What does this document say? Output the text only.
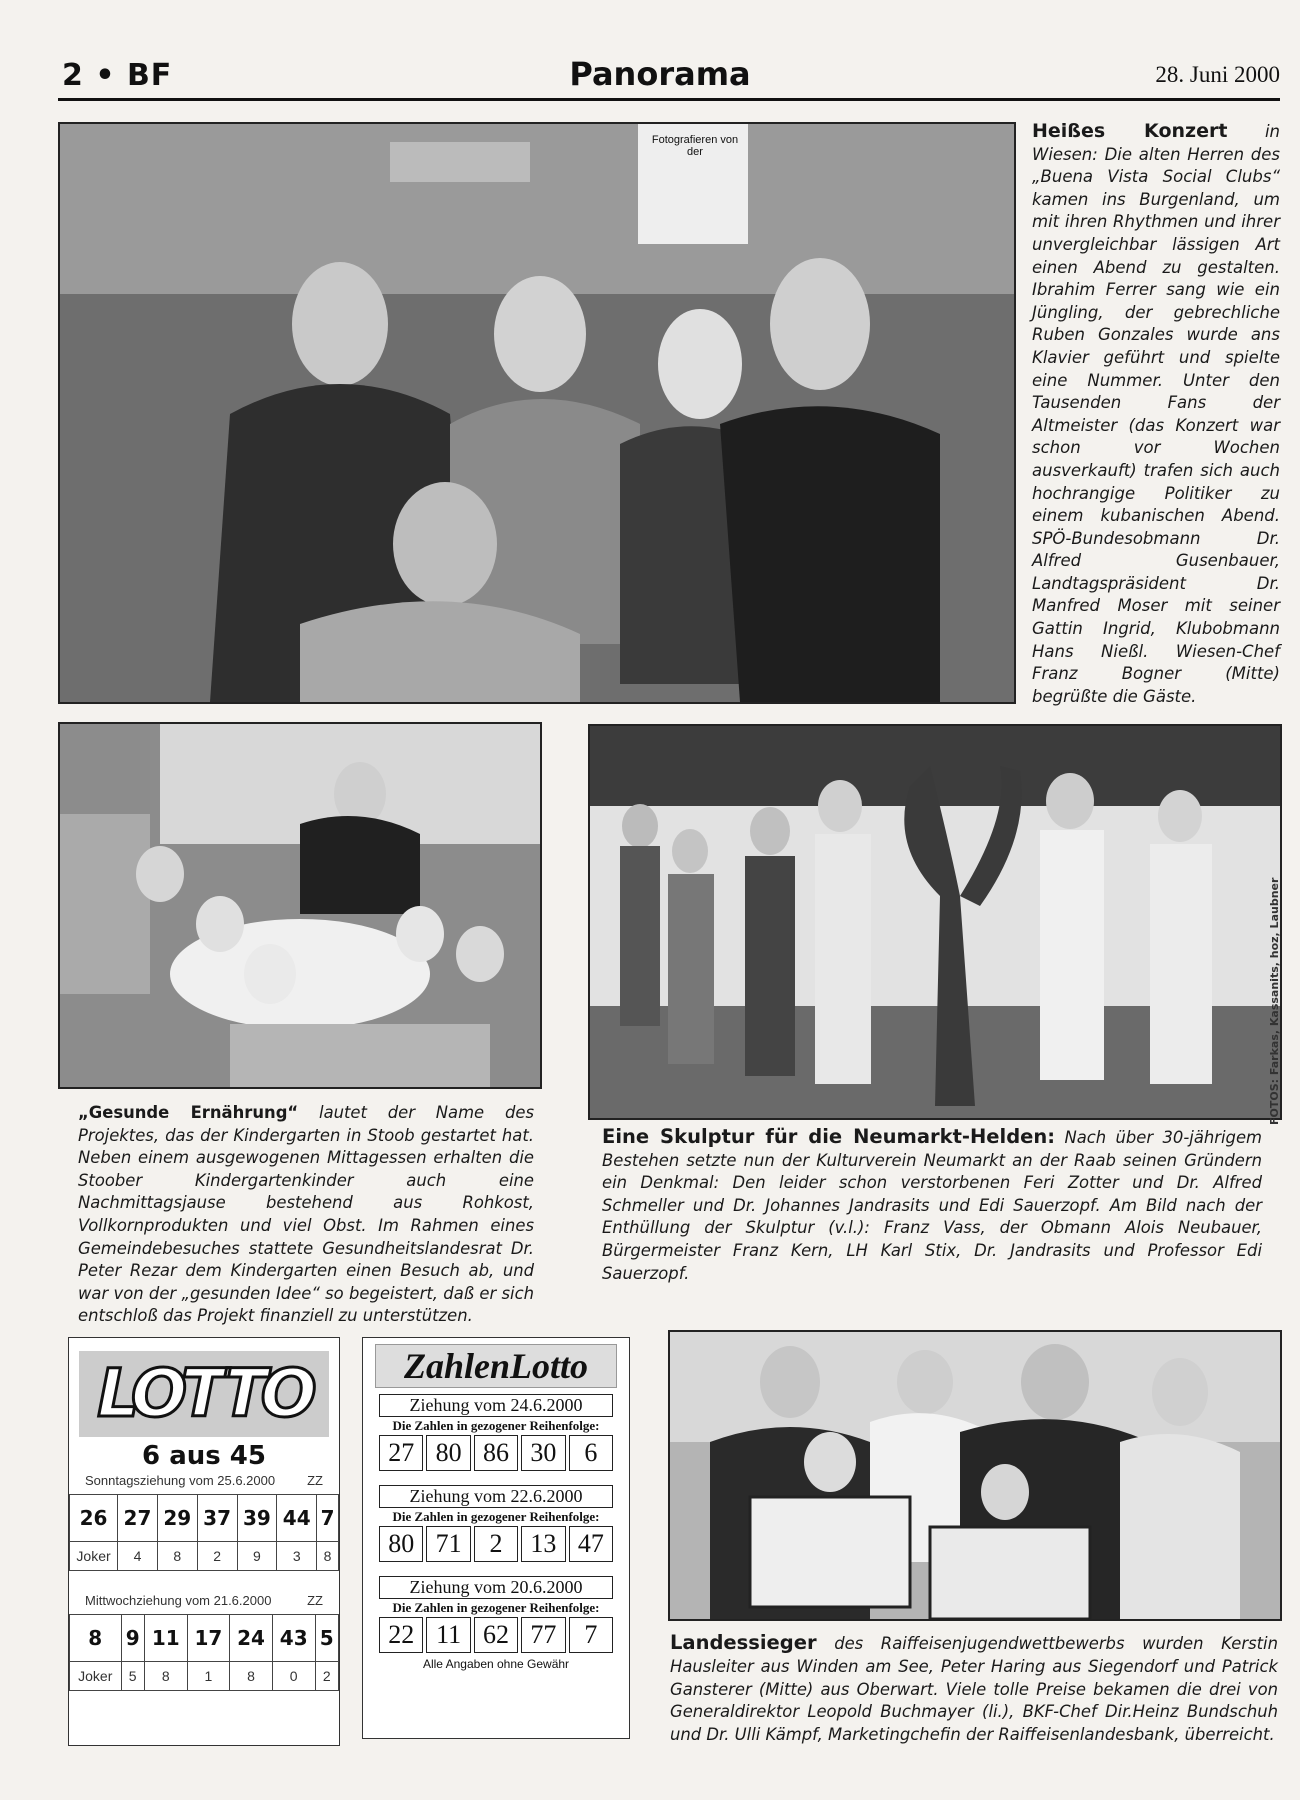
2 • BF	Panorama	28. Juni 2000
Fotografieren von der
Heißes Konzert in Wiesen: Die alten Herren des „Buena Vista Social Clubs“ kamen ins Burgenland, um mit ihren Rhythmen und ihrer unvergleichbar lässigen Art einen Abend zu gestalten. Ibrahim Ferrer sang wie ein Jüngling, der gebrechliche Ruben Gonzales wurde ans Klavier geführt und spielte eine Nummer. Unter den Tausenden Fans der Altmeister (das Konzert war schon vor Wochen ausverkauft) trafen sich auch hochrangige Politiker zu einem kubanischen Abend. SPÖ-Bundesobmann Dr. Alfred Gusenbauer, Landtagspräsident Dr. Manfred Moser mit seiner Gattin Ingrid, Klubobmann Hans Nießl. Wiesen-Chef Franz Bogner (Mitte) begrüßte die Gäste.
„Gesunde Ernährung“ lautet der Name des Projektes, das der Kindergarten in Stoob gestartet hat. Neben einem ausgewogenen Mittagessen erhalten die Stoober Kindergartenkinder auch eine Nachmittagsjause bestehend aus Rohkost, Vollkornprodukten und viel Obst. Im Rahmen eines Gemeindebesuches stattete Gesundheitslandesrat Dr. Peter Rezar dem Kindergarten einen Besuch ab, und war von der „gesunden Idee“ so begeistert, daß er sich entschloß das Projekt finanziell zu unterstützen.
Eine Skulptur für die Neumarkt-Helden: Nach über 30-jährigem Bestehen setzte nun der Kulturverein Neumarkt an der Raab seinen Gründern ein Denkmal: Den leider schon verstorbenen Feri Zotter und Dr. Alfred Schmeller und Dr. Johannes Jandrasits und Edi Sauerzopf. Am Bild nach der Enthüllung der Skulptur (v.l.): Franz Vass, der Obmann Alois Neubauer, Bürgermeister Franz Kern, LH Karl Stix, Dr. Jandrasits und Professor Edi Sauerzopf.
FOTOS: Farkas, Kassanits, hoz, Laubner
LOTTO
6 aus 45
Sonntagsziehung vom 25.6.2000 ZZ
26	27	29	37	39	44	7
Joker	4	8	2	9	3	8
Mittwochziehung vom 21.6.2000	ZZ
8	9	11	17	24	43	5
Joker	5	8	1	8	0	2
ZahlenLotto
Ziehung vom 24.6.2000
Die Zahlen in gezogener Reihenfolge:
27 80 86 30	6
Ziehung vom 22.6.2000
Die Zahlen in gezogener Reihenfolge:
80 71	2	13 47
Ziehung vom 20.6.2000
Die Zahlen in gezogener Reihenfolge:
22 11 62 77	7
Alle Angaben ohne Gewähr
Landessieger des Raiffeisenjugendwettbewerbs wurden Kerstin Hausleiter aus Winden am See, Peter Haring aus Siegendorf und Patrick Gansterer (Mitte) aus Oberwart. Viele tolle Preise bekamen die drei von Generaldirektor Leopold Buchmayer (li.), BKF-Chef Dir.Heinz Bundschuh und Dr. Ulli Kämpf, Marketingchefin der Raiffeisenlandesbank, überreicht.
